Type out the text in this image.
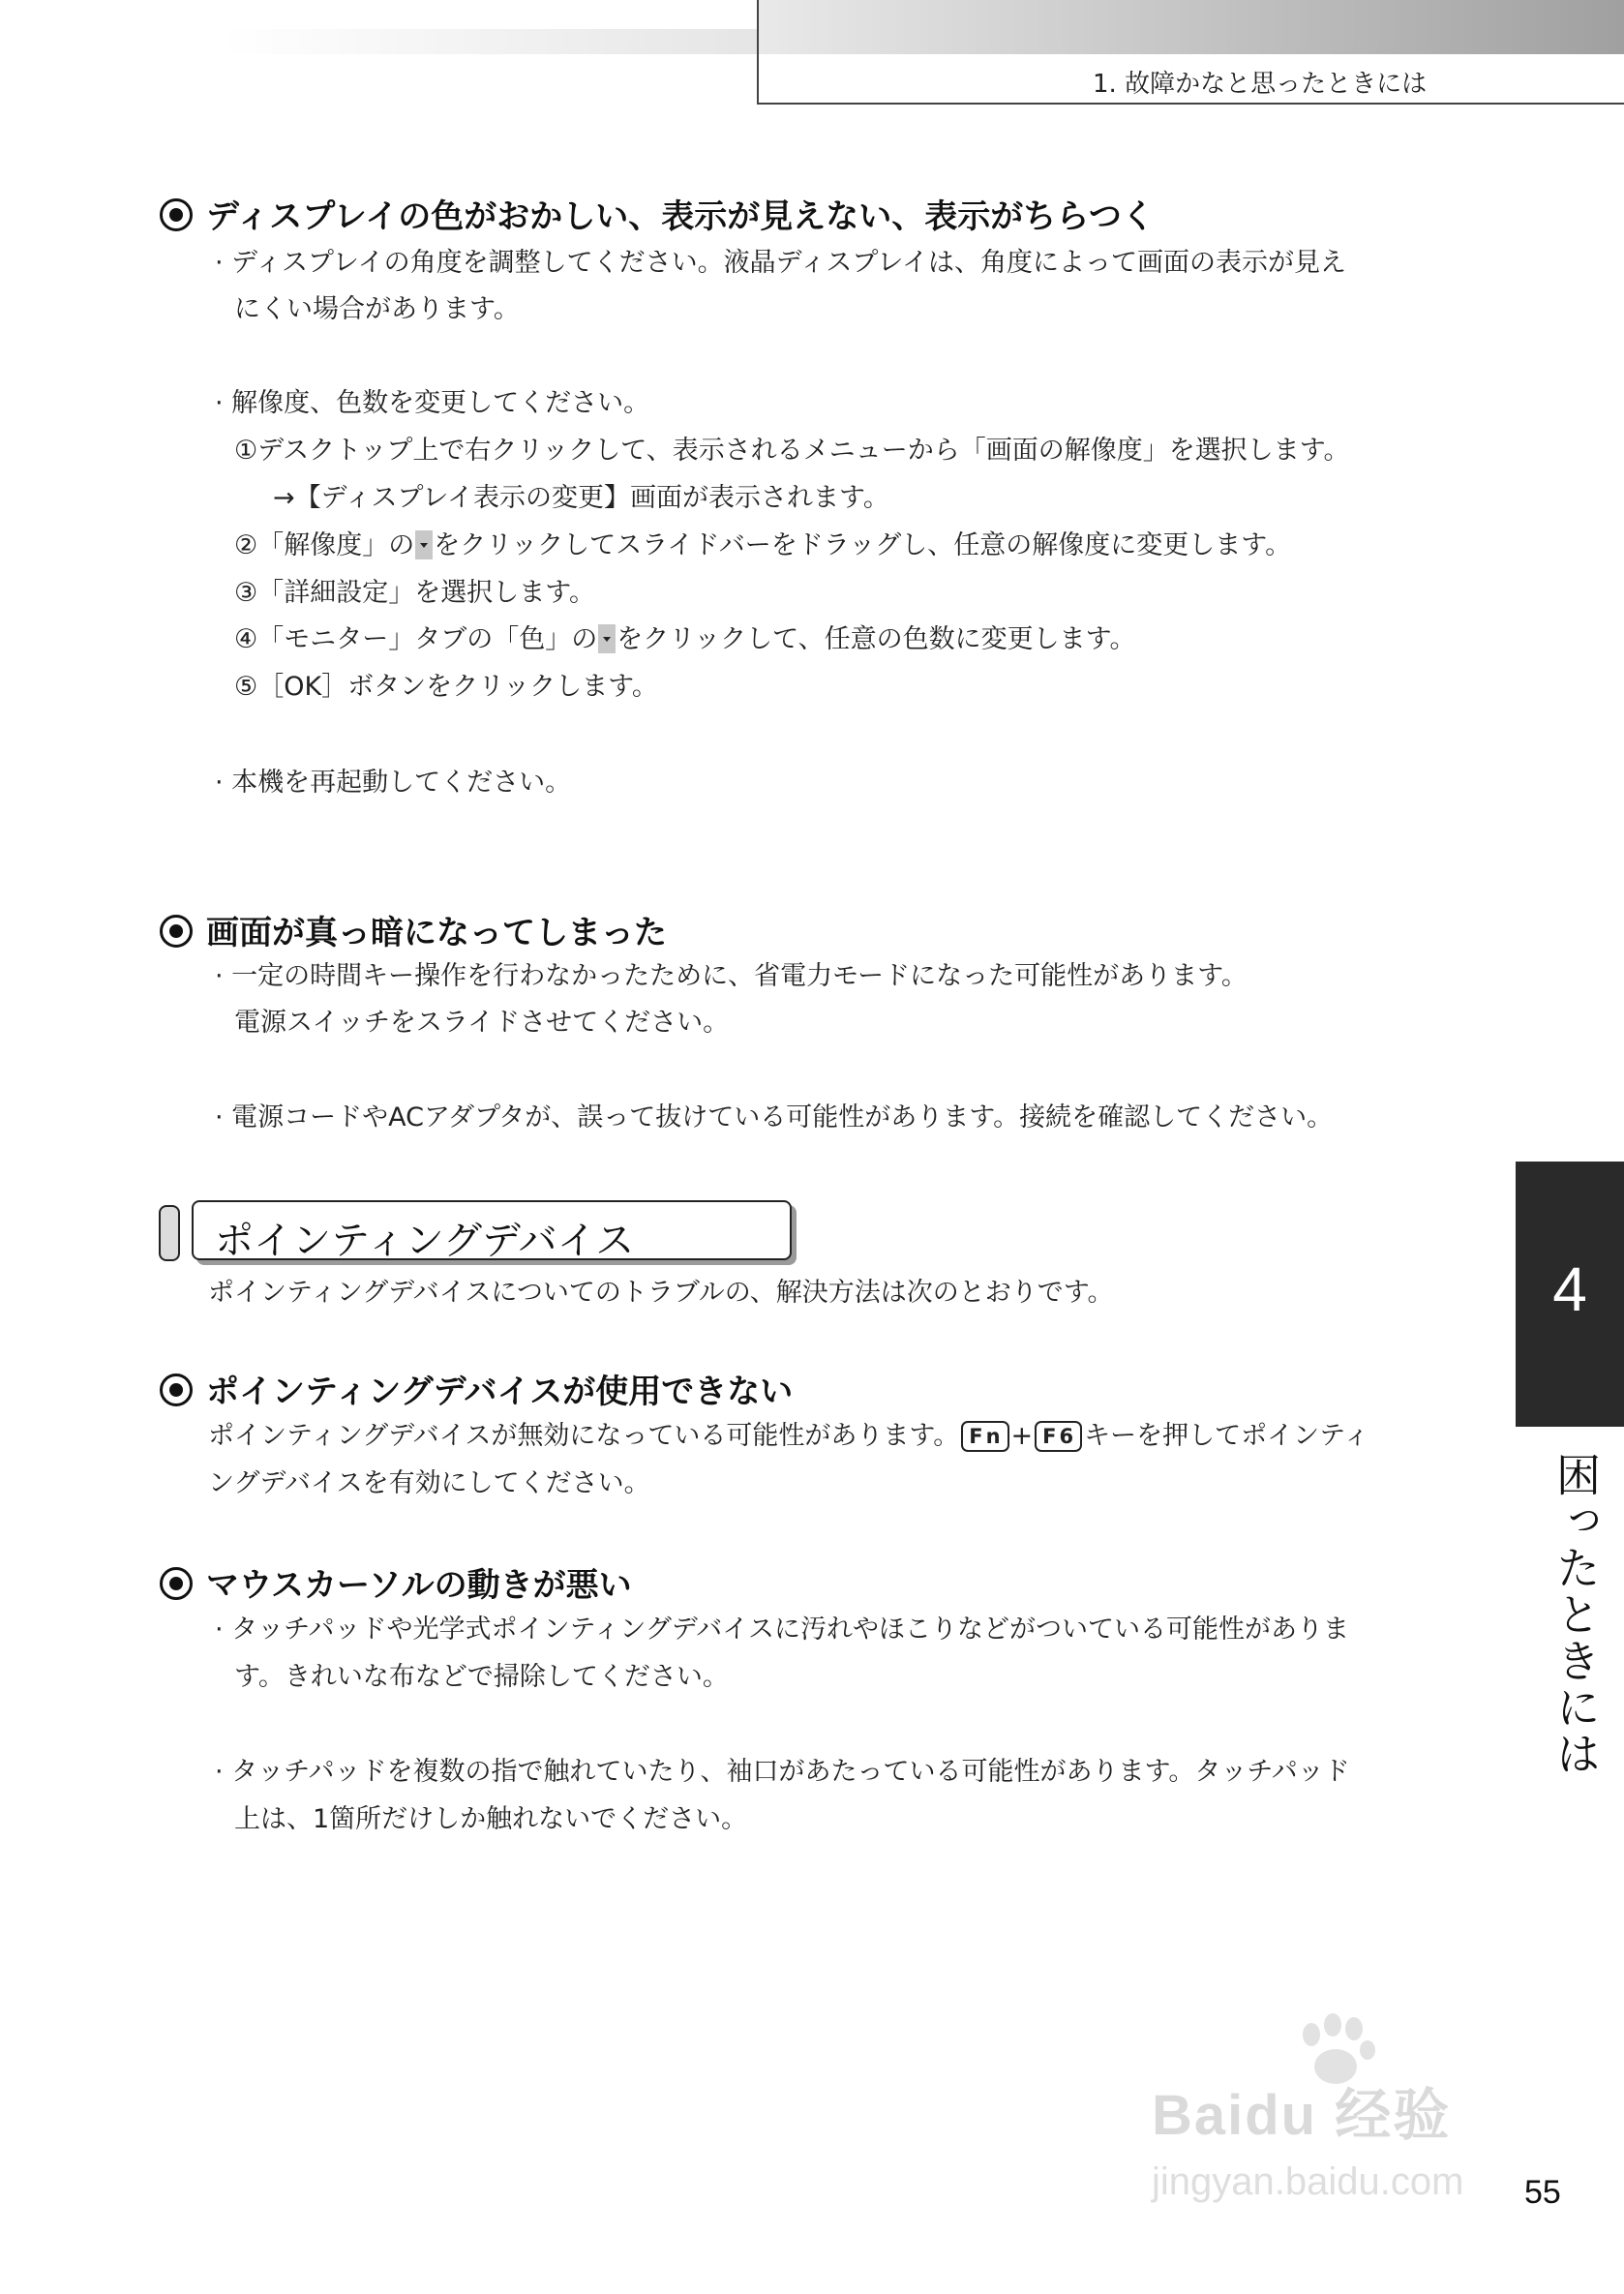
1. 故障かなと思ったときには
ディスプレイの色がおかしい、表示が見えない、表示がちらつく
· ディスプレイの角度を調整してください。液晶ディスプレイは、角度によって画面の表示が見え
にくい場合があります。
· 解像度、色数を変更してください。
①デスクトップ上で右クリックして、表示されるメニューから「画面の解像度」を選択します。
→【ディスプレイ表示の変更】画面が表示されます。
②「解像度」の をクリックしてスライドバーをドラッグし、任意の解像度に変更します。
③「詳細設定」を選択します。
④「モニター」タブの「色」の をクリックして、任意の色数に変更します。
⑤［OK］ボタンをクリックします。
· 本機を再起動してください。
画面が真っ暗になってしまった
· 一定の時間キー操作を行わなかったために、省電力モードになった可能性があります。
電源スイッチをスライドさせてください。
· 電源コードやACアダプタが、誤って抜けている可能性があります。接続を確認してください。
ポインティングデバイス
ポインティングデバイスについてのトラブルの、解決方法は次のとおりです。
ポインティングデバイスが使用できない
ポインティングデバイスが無効になっている可能性があります。 Fn + F6 キーを押してポインティ
ングデバイスを有効にしてください。
マウスカーソルの動きが悪い
· タッチパッドや光学式ポインティングデバイスに汚れやほこりなどがついている可能性がありま
す。きれいな布などで掃除してください。
· タッチパッドを複数の指で触れていたり、袖口があたっている可能性があります。タッチパッド
上は、1箇所だけしか触れないでください。
4
困ったときには
Baidu 经验
jingyan.baidu.com 55
